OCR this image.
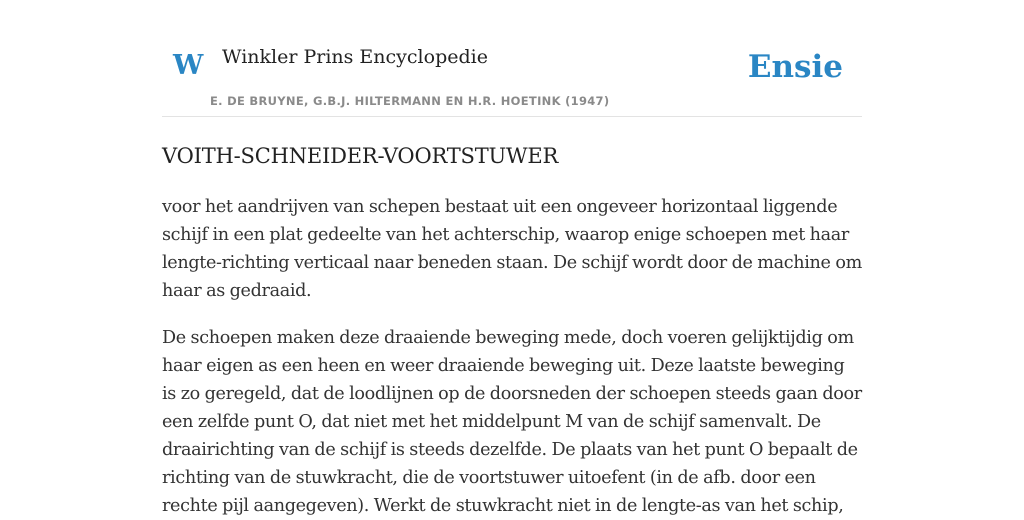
W Winkler Prins Encyclopedie
E. DE BRUYNE, G.B.J. HILTERMANN EN H.R. HOETINK (1947)
Ensie
VOITH-SCHNEIDER-VOORTSTUWER

voor het aandrijven van schepen bestaat uit een ongeveer horizontaal liggende schijf in een plat gedeelte van het achterschip, waarop enige schoepen met haar lengte-richting verticaal naar beneden staan. De schijf wordt door de machine om haar as gedraaid.

De schoepen maken deze draaiende beweging mede, doch voeren gelijktijdig om haar eigen as een heen en weer draaiende beweging uit. Deze laatste beweging is zo geregeld, dat de loodlijnen op de doorsneden der schoepen steeds gaan door een zelfde punt O, dat niet met het middelpunt M van de schijf samenvalt. De draairichting van de schijf is steeds dezelfde. De plaats van het punt O bepaalt de richting van de stuwkracht, die de voortstuwer uitoefent (in de afb. door een rechte pijl aangegeven). Werkt de stuwkracht niet in de lengte-as van het schip,
